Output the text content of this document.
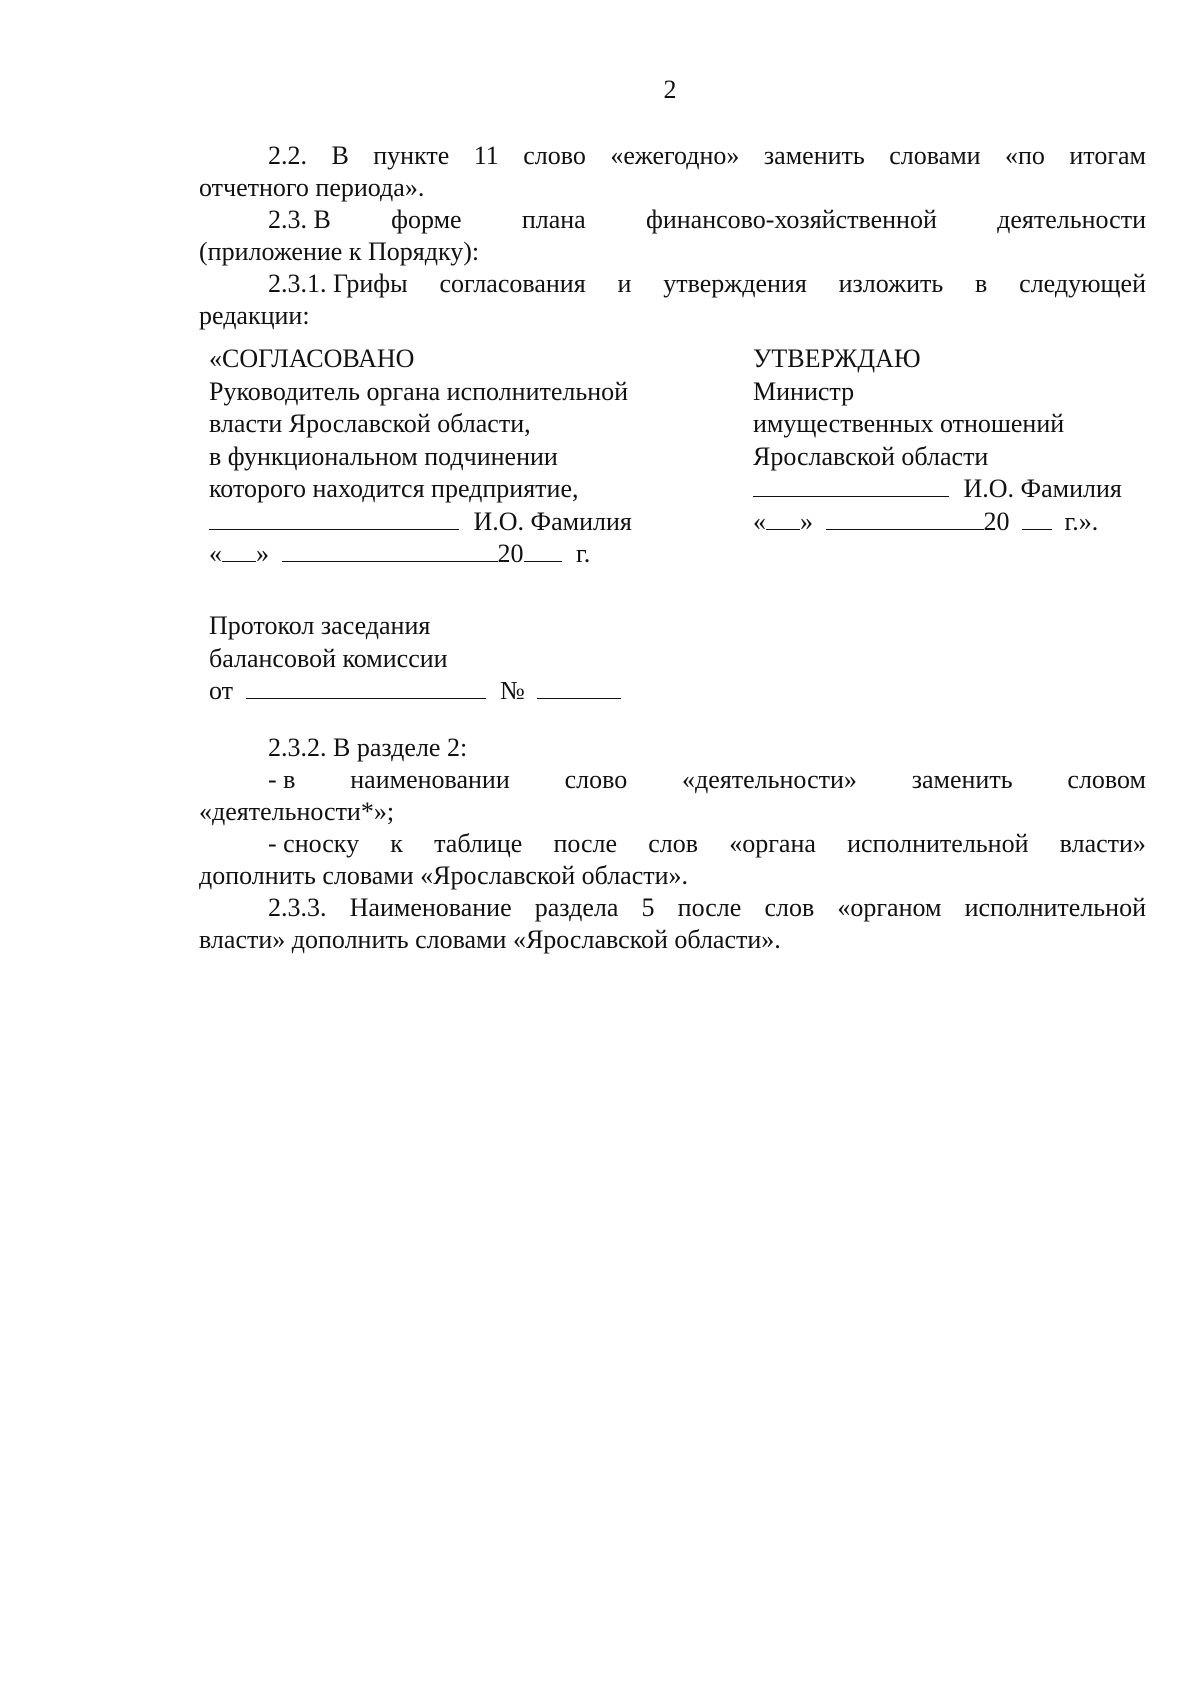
2
2.2. В пункте 11 слово «ежегодно» заменить словами «по итогам
отчетного периода».
2.3. В форме плана финансово-хозяйственной деятельности
(приложение к Порядку):
2.3.1. Грифы согласования и утверждения изложить в следующей
редакции:
«СОГЛАСОВАНО
Руководитель органа исполнительной
власти Ярославской области,
в функциональном подчинении
которого находится предприятие,
И.О. Фамилия
« »	20 г.
УТВЕРЖДАЮ
Министр
имущественных отношений
Ярославской области
И.О. Фамилия
« »	20 г.».
Протокол заседания
балансовой комиссии
от	№
2.3.2. В разделе 2:
- в наименовании слово «деятельности» заменить словом
«деятельности*»;
- сноску к таблице после слов «органа исполнительной власти»
дополнить словами «Ярославской области».
2.3.3. Наименование раздела 5 после слов «органом исполнительной
власти» дополнить словами «Ярославской области».
